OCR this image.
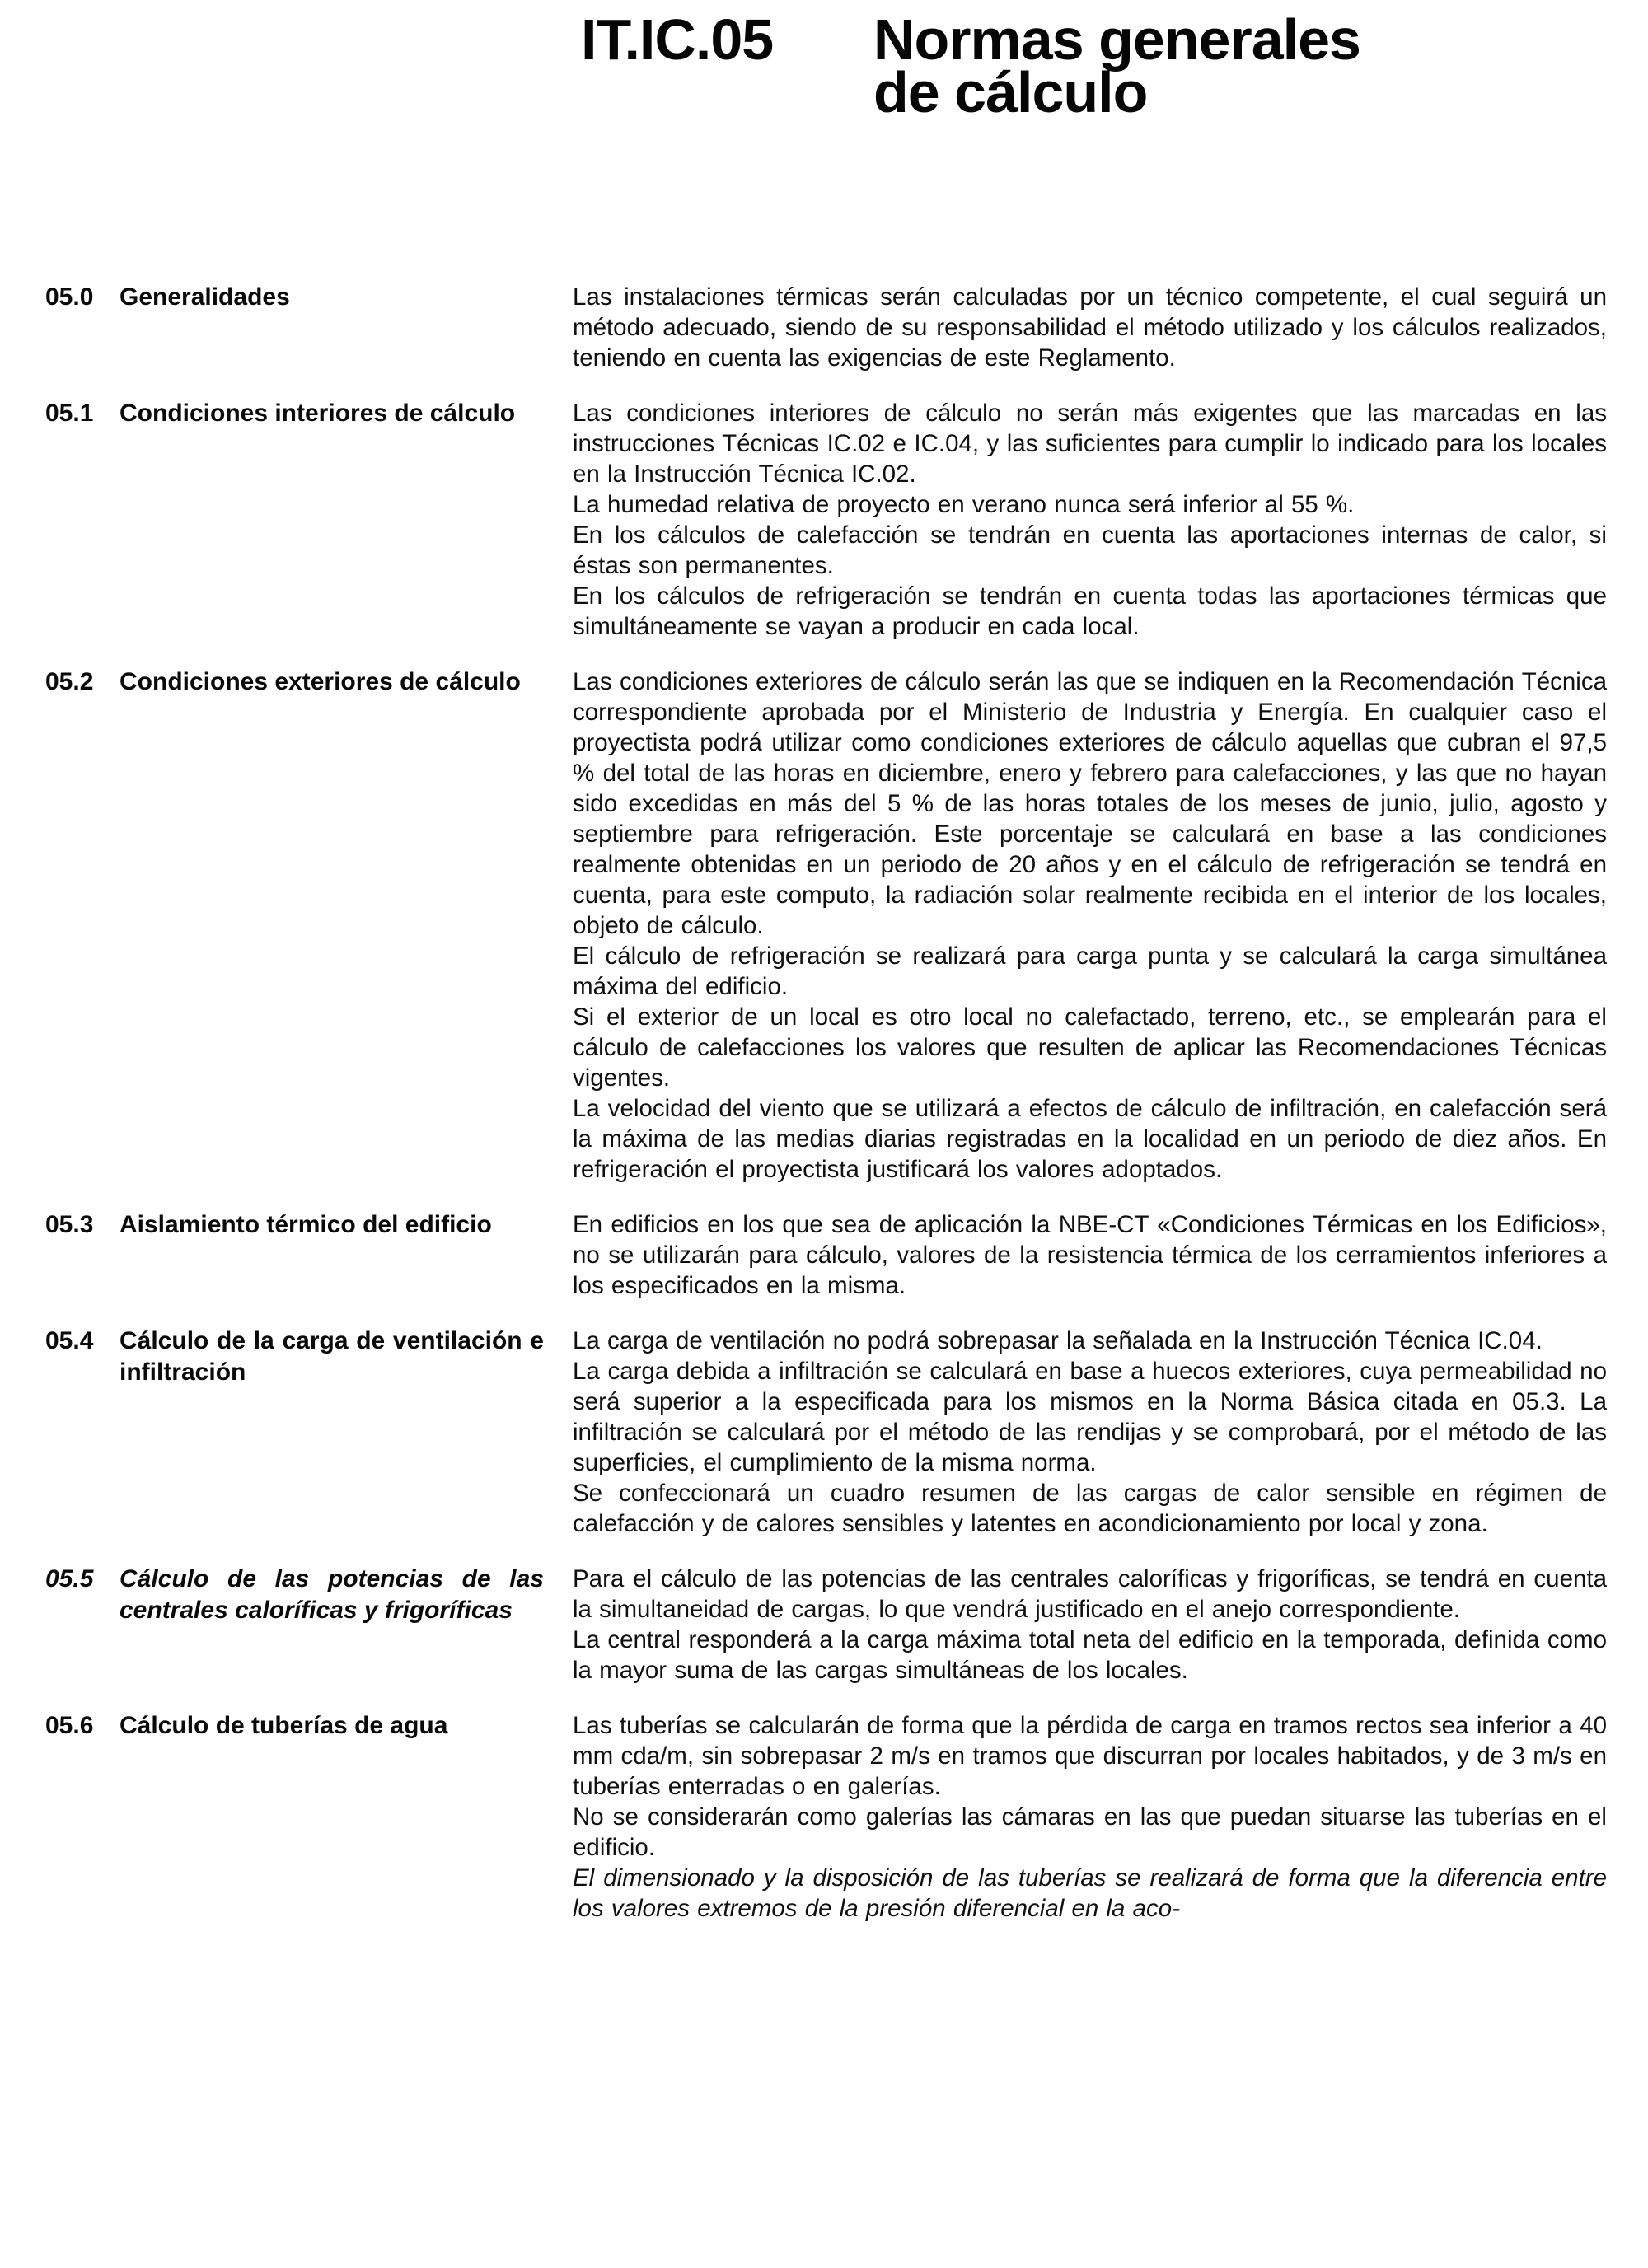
IT.IC.05	Normas generales
de cálculo
05.0	Generalidades	Las instalaciones térmicas serán calculadas por un técnico competente, el cual seguirá un método adecuado, siendo de su responsabilidad el método utilizado y los cálculos realizados, teniendo en cuenta las exigencias de este Reglamento.

05.1	Condiciones interiores de cálculo	Las condiciones interiores de cálculo no serán más exigentes que las marcadas en las instrucciones Técnicas IC.02 e IC.04, y las suficientes para cumplir lo indicado para los locales en la Instrucción Técnica IC.02.

La humedad relativa de proyecto en verano nunca será inferior al 55 %.

En los cálculos de calefacción se tendrán en cuenta las aportaciones internas de calor, si éstas son permanentes.

En los cálculos de refrigeración se tendrán en cuenta todas las aportaciones térmicas que simultáneamente se vayan a producir en cada local.

05.2	Condiciones exteriores de cálculo	Las condiciones exteriores de cálculo serán las que se indiquen en la Recomendación Técnica correspondiente aprobada por el Ministerio de Industria y Energía. En cualquier caso el proyectista podrá utilizar como condiciones exteriores de cálculo aquellas que cubran el 97,5 % del total de las horas en diciembre, enero y febrero para calefacciones, y las que no hayan sido excedidas en más del 5 % de las horas totales de los meses de junio, julio, agosto y septiembre para refrigeración. Este porcentaje se calculará en base a las condiciones realmente obtenidas en un periodo de 20 años y en el cálculo de refrigeración se tendrá en cuenta, para este computo, la radiación solar realmente recibida en el interior de los locales, objeto de cálculo.

El cálculo de refrigeración se realizará para carga punta y se calculará la carga simultánea máxima del edificio.

Si el exterior de un local es otro local no calefactado, terreno, etc., se emplearán para el cálculo de calefacciones los valores que resulten de aplicar las Recomendaciones Técnicas vigentes.

La velocidad del viento que se utilizará a efectos de cálculo de infiltración, en calefacción será la máxima de las medias diarias registradas en la localidad en un periodo de diez años. En refrigeración el proyectista justificará los valores adoptados.

05.3	Aislamiento térmico del edificio	En edificios en los que sea de aplicación la NBE-CT «Condiciones Térmicas en los Edificios», no se utilizarán para cálculo, valores de la resistencia térmica de los cerramientos inferiores a los especificados en la misma.

05.4	Cálculo de la carga de ventilación e infiltración

La carga de ventilación no podrá sobrepasar la señalada en la Instrucción Técnica IC.04.

La carga debida a infiltración se calculará en base a huecos exteriores, cuya permeabilidad no será superior a la especificada para los mismos en la Norma Básica citada en 05.3. La infiltración se calculará por el método de las rendijas y se comprobará, por el método de las superficies, el cumplimiento de la misma norma.

Se confeccionará un cuadro resumen de las cargas de calor sensible en régimen de calefacción y de calores sensibles y latentes en acondicionamiento por local y zona.

05.5	Cálculo de las potencias de las centrales caloríficas y frigoríficas

Para el cálculo de las potencias de las centrales caloríficas y frigoríficas, se tendrá en cuenta la simultaneidad de cargas, lo que vendrá justificado en el anejo correspondiente.

La central responderá a la carga máxima total neta del edificio en la temporada, definida como la mayor suma de las cargas simultáneas de los locales.

05.6	Cálculo de tuberías de agua	Las tuberías se calcularán de forma que la pérdida de carga en tramos rectos sea inferior a 40 mm cda/m, sin sobrepasar 2 m/s en tramos que discurran por locales habitados, y de 3 m/s en tuberías enterradas o en galerías.

No se considerarán como galerías las cámaras en las que puedan situarse las tuberías en el edificio.

El dimensionado y la disposición de las tuberías se realizará de forma que la diferencia entre los valores extremos de la presión diferencial en la aco-
